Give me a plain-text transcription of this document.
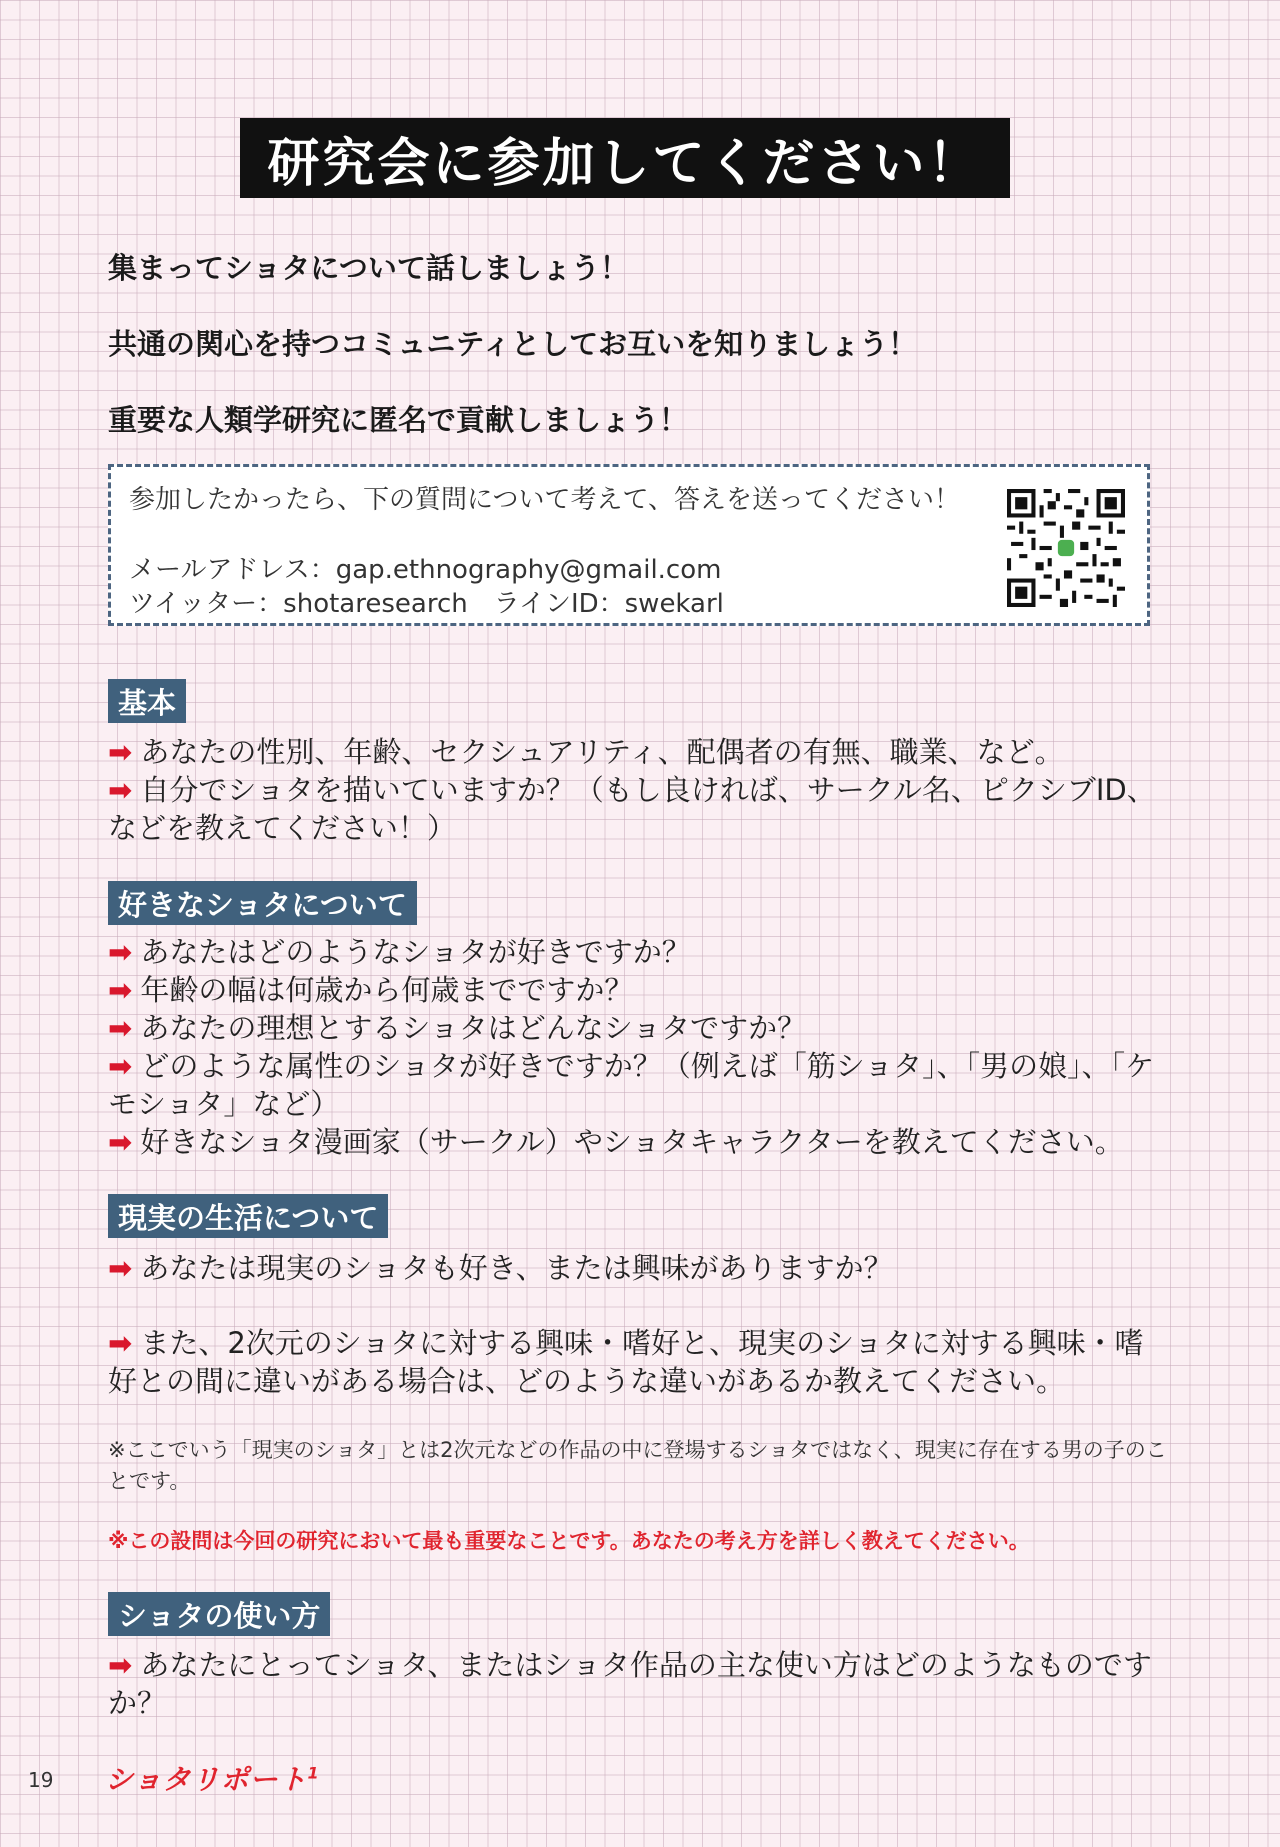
研究会に参加してください！
集まってショタについて話しましょう！
共通の関心を持つコミュニティとしてお互いを知りましょう！
重要な人類学研究に匿名で貢献しましょう！
参加したかったら、下の質問について考えて、答えを送ってください！
メールアドレス：gap.ethnography@gmail.com
ツイッター：shotaresearch　ラインID：swekarl
基本
➡ あなたの性別、年齢、セクシュアリティ、配偶者の有無、職業、など。
➡ 自分でショタを描いていますか？（もし良ければ、サークル名、ピクシブID、などを教えてください！）
好きなショタについて
➡ あなたはどのようなショタが好きですか？
➡ 年齢の幅は何歳から何歳までですか？
➡ あなたの理想とするショタはどんなショタですか？
➡ どのような属性のショタが好きですか？（例えば「筋ショタ」、「男の娘」、「ケモショタ」など）
➡ 好きなショタ漫画家（サークル）やショタキャラクターを教えてください。
現実の生活について
➡ あなたは現実のショタも好き、または興味がありますか？
➡ また、2次元のショタに対する興味・嗜好と、現実のショタに対する興味・嗜好との間に違いがある場合は、どのような違いがあるか教えてください。
※ここでいう「現実のショタ」とは2次元などの作品の中に登場するショタではなく、現実に存在する男の子のことです。
※この設問は今回の研究において最も重要なことです。あなたの考え方を詳しく教えてください。
ショタの使い方
➡ あなたにとってショタ、またはショタ作品の主な使い方はどのようなものですか？
19 ショタリポート$^1$
